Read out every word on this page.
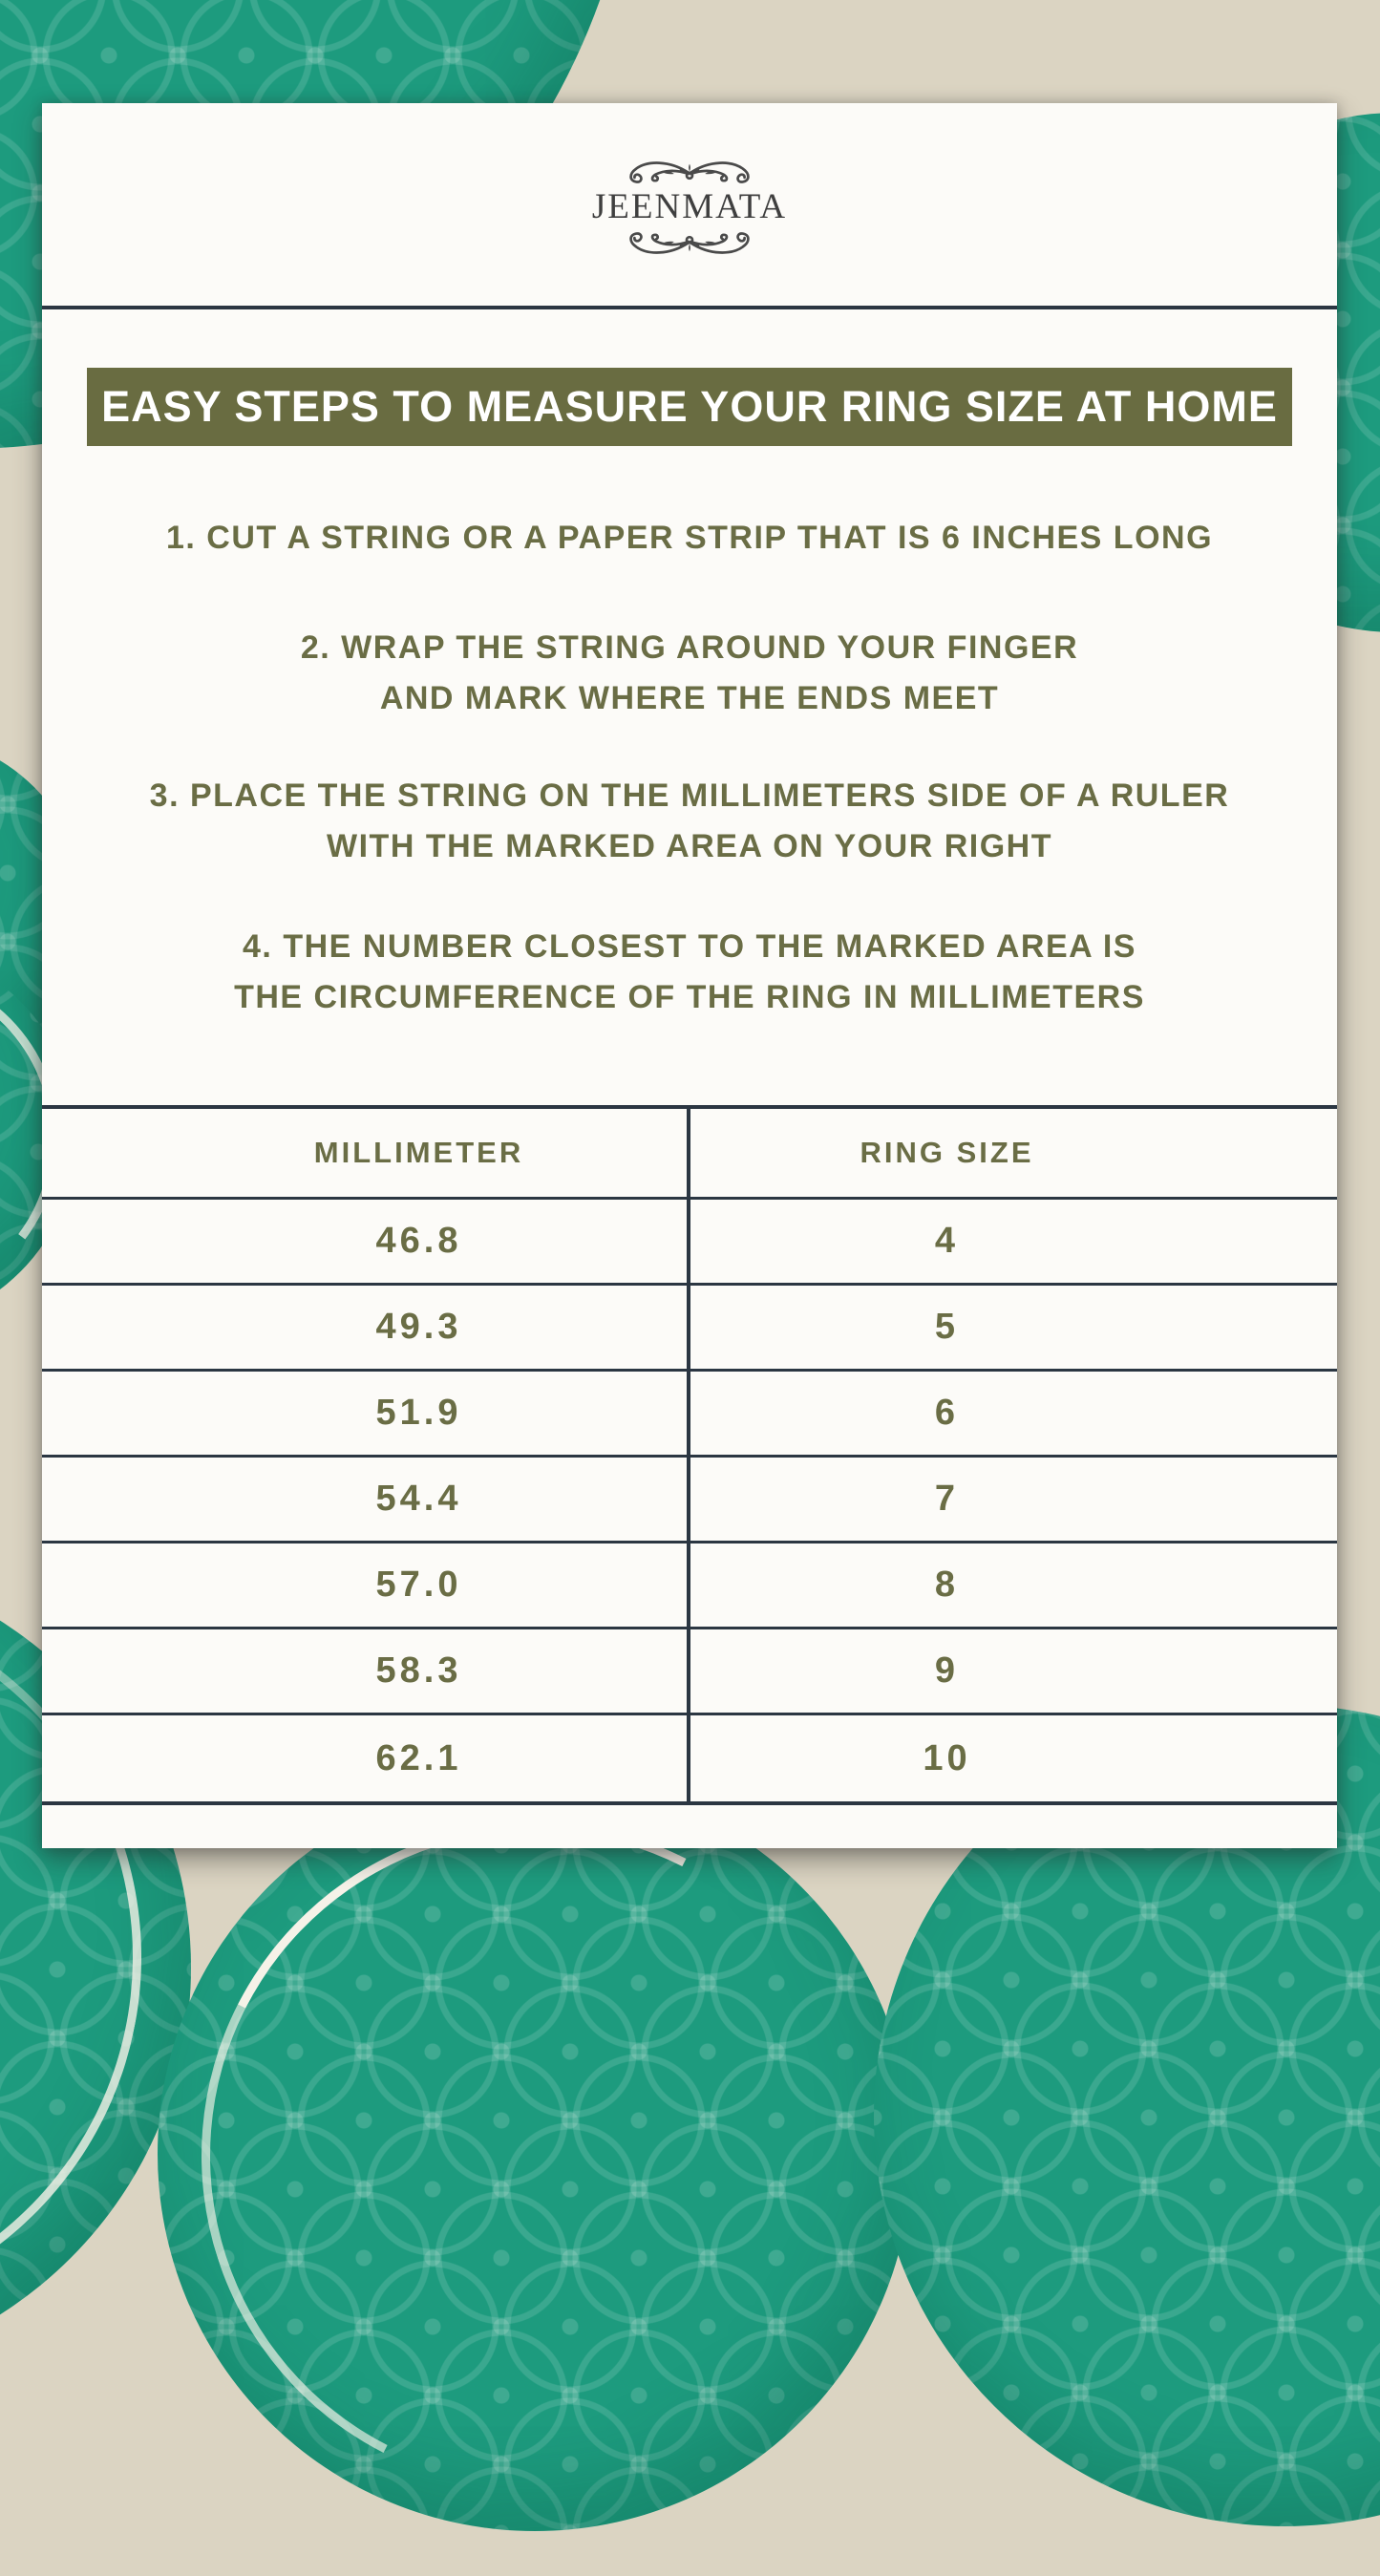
JEENMATA
EASY STEPS TO MEASURE YOUR RING SIZE AT HOME
1. CUT A STRING OR A PAPER STRIP THAT IS 6 INCHES LONG
2. WRAP THE STRING AROUND YOUR FINGER
AND MARK WHERE THE ENDS MEET
3. PLACE THE STRING ON THE MILLIMETERS SIDE OF A RULER
WITH THE MARKED AREA ON YOUR RIGHT
4. THE NUMBER CLOSEST TO THE MARKED AREA IS
THE CIRCUMFERENCE OF THE RING IN MILLIMETERS
MILLIMETER	RING SIZE
46.8	4
49.3	5
51.9	6
54.4	7
57.0	8
58.3	9
62.1	10
